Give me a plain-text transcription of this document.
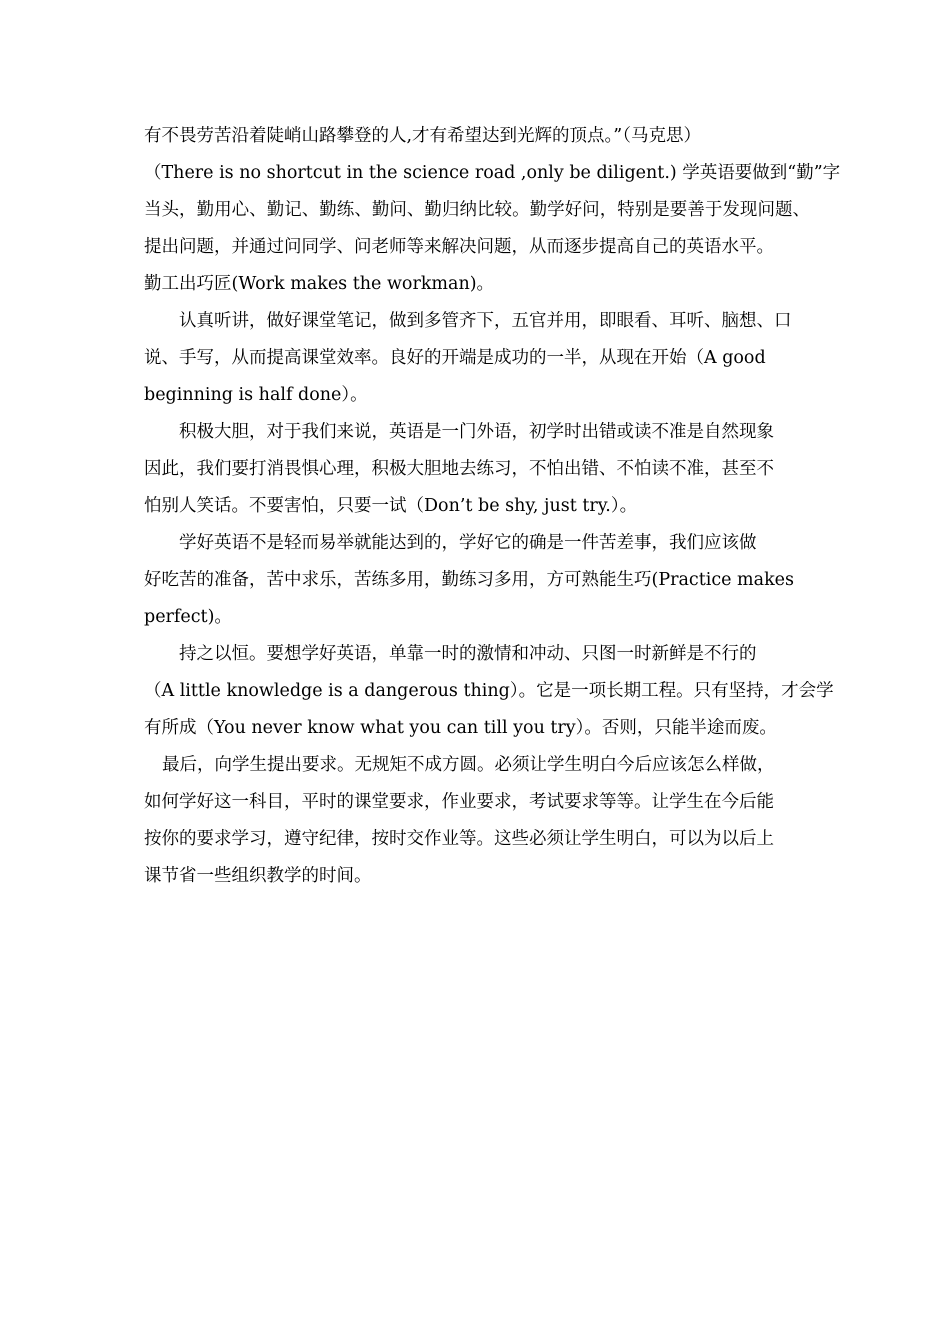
有不畏劳苦沿着陡峭山路攀登的人,才有希望达到光辉的顶点。”（马克思）
（There is no shortcut in the science road ,only be diligent.) 学英语要做到“勤”字
当头，勤用心、勤记、勤练、勤问、勤归纳比较。勤学好问，特别是要善于发现问题、
提出问题，并通过问同学、问老师等来解决问题，从而逐步提高自己的英语水平。
勤工出巧匠(Work makes the workman)。
认真听讲，做好课堂笔记，做到多管齐下，五官并用，即眼看、耳听、脑想、口
说、手写，从而提高课堂效率。良好的开端是成功的一半，从现在开始（A good
beginning is half done）。
积极大胆，对于我们来说，英语是一门外语，初学时出错或读不准是自然现象
因此，我们要打消畏惧心理，积极大胆地去练习，不怕出错、不怕读不准，甚至不
怕别人笑话。不要害怕，只要一试（Don’t be shy, just try.）。
学好英语不是轻而易举就能达到的，学好它的确是一件苦差事，我们应该做
好吃苦的准备，苦中求乐，苦练多用，勤练习多用，方可熟能生巧(Practice makes
perfect)。
持之以恒。要想学好英语，单靠一时的激情和冲动、只图一时新鲜是不行的
（A little knowledge is a dangerous thing）。它是一项长期工程。只有坚持，才会学
有所成（You never know what you can till you try）。否则，只能半途而废。
最后，向学生提出要求。无规矩不成方圆。必须让学生明白今后应该怎么样做，
如何学好这一科目，平时的课堂要求，作业要求，考试要求等等。让学生在今后能
按你的要求学习，遵守纪律，按时交作业等。这些必须让学生明白，可以为以后上
课节省一些组织教学的时间。
